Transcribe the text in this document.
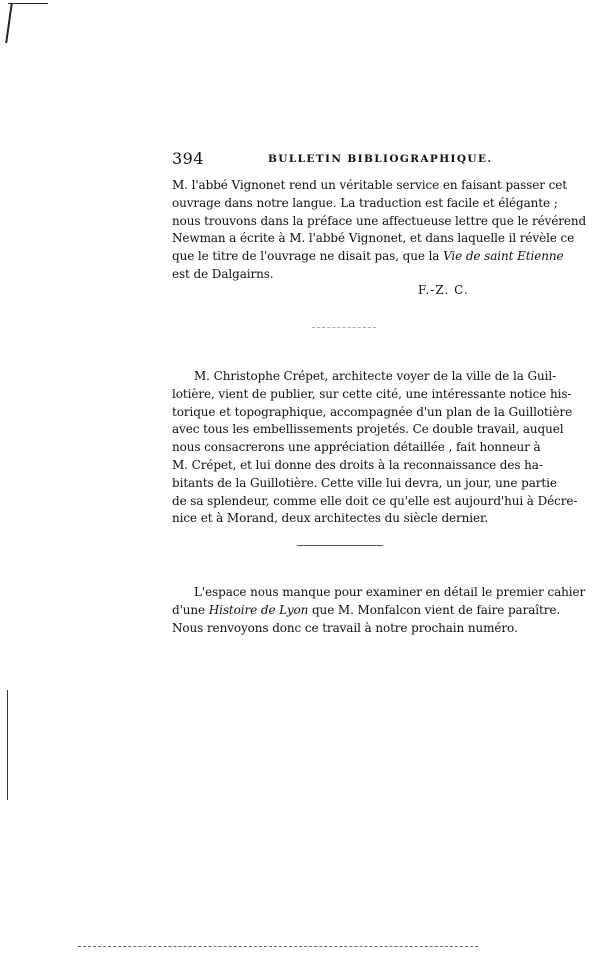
394	BULLETIN BIBLIOGRAPHIQUE.
M. l'abbé Vignonet rend un véritable service en faisant passer cet
ouvrage dans notre langue. La traduction est facile et élégante ;
nous trouvons dans la préface une affectueuse lettre que le révérend
Newman a écrite à M. l'abbé Vignonet, et dans laquelle il révèle ce
que le titre de l'ouvrage ne disait pas, que la Vie de saint Etienne
est de Dalgairns.
F.-Z. C.
M. Christophe Crépet, architecte voyer de la ville de la Guil-
lotière, vient de publier, sur cette cité, une intéressante notice his-
torique et topographique, accompagnée d'un plan de la Guillotière
avec tous les embellissements projetés. Ce double travail, auquel
nous consacrerons une appréciation détaillée , fait honneur à
M. Crépet, et lui donne des droits à la reconnaissance des ha-
bitants de la Guillotière. Cette ville lui devra, un jour, une partie
de sa splendeur, comme elle doit ce qu'elle est aujourd'hui à Décre-
nice et à Morand, deux architectes du siècle dernier.
L'espace nous manque pour examiner en détail le premier cahier
d'une Histoire de Lyon que M. Monfalcon vient de faire paraître.
Nous renvoyons donc ce travail à notre prochain numéro.
